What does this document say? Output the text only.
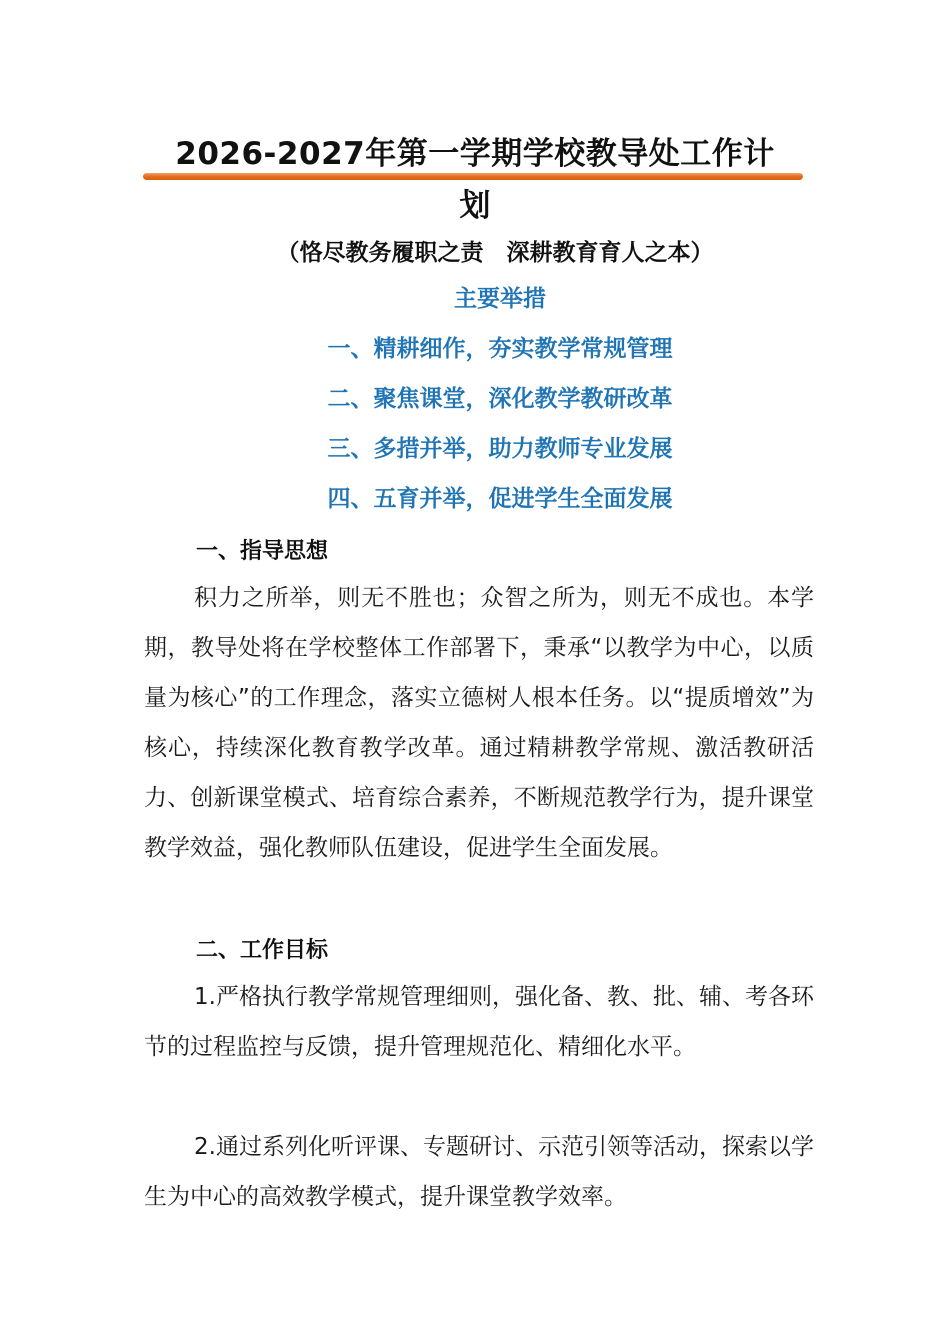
2026-2027年第一学期学校教导处工作计
划
（恪尽教务履职之责　深耕教育育人之本）
主要举措
一、精耕细作，夯实教学常规管理
二、聚焦课堂，深化教学教研改革
三、多措并举，助力教师专业发展
四、五育并举，促进学生全面发展
一、指导思想
积力之所举，则无不胜也；众智之所为，则无不成也。本学期，教导处将在学校整体工作部署下，秉承“以教学为中心，以质量为核心”的工作理念，落实立德树人根本任务。以“提质增效”为核心，持续深化教育教学改革。通过精耕教学常规、激活教研活力、创新课堂模式、培育综合素养，不断规范教学行为，提升课堂教学效益，强化教师队伍建设，促进学生全面发展。
二、工作目标
1.严格执行教学常规管理细则，强化备、教、批、辅、考各环节的过程监控与反馈，提升管理规范化、精细化水平。
2.通过系列化听评课、专题研讨、示范引领等活动，探索以学生为中心的高效教学模式，提升课堂教学效率。
